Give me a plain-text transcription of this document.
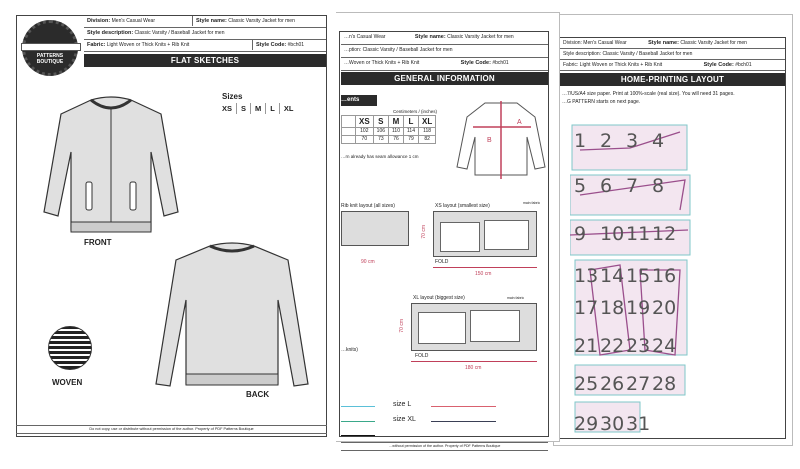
Division: Men's Casual Wear	Style name: Classic Varsity Jacket for men
Style description: Classic Varsity / Baseball Jacket for men
Fabric: Light Woven or Thick Knits + Rib Knit	Style Code: #bch01
HOME-PRINTING LAYOUT
…7/US/A4 size paper. Print at 100%-scale (real size). You will need 31 pages.
…G PATTERN starts on next page.
1 2 3 4
5 6 7 8
9 10 11 12
13 14 15 16
17 18 19 20
21 22 23 24
25 26 27 28
29 30 31
…n's Casual Wear	Style name: Classic Varsity Jacket for men
…ption: Classic Varsity / Baseball Jacket for men
…Woven or Thick Knits + Rib Knit	Style Code: #bch01
GENERAL INFORMATION
…ents
Centimeters / (inches)
	XS	S	M	L	XL
	102	106	110	114	118
	70	73	76	79	82
…rn already has seam allowance 1 cm
A
B
Rib knit layout (all sizes)
90 cm
XS layout (smallest size)	main fabric
70 cm
FOLD
150 cm
XL layout (biggest size)	main fabric
70 cm
FOLD
180 cm
…knits)
size L
size XL
…without permission of the author. Property of PDF Patterns Boutique
PATTERNS BOUTIQUE
Division: Men's Casual Wear	Style name: Classic Varsity Jacket for men
Style description: Classic Varsity / Baseball Jacket for men
Fabric: Light Woven or Thick Knits + Rib Knit	Style Code: #bch01
FLAT SKETCHES
Sizes
XS	S	M	L	XL
FRONT
BACK
WOVEN
Do not copy, use or distribute without permission of the author. Property of PDF Patterns Boutique
